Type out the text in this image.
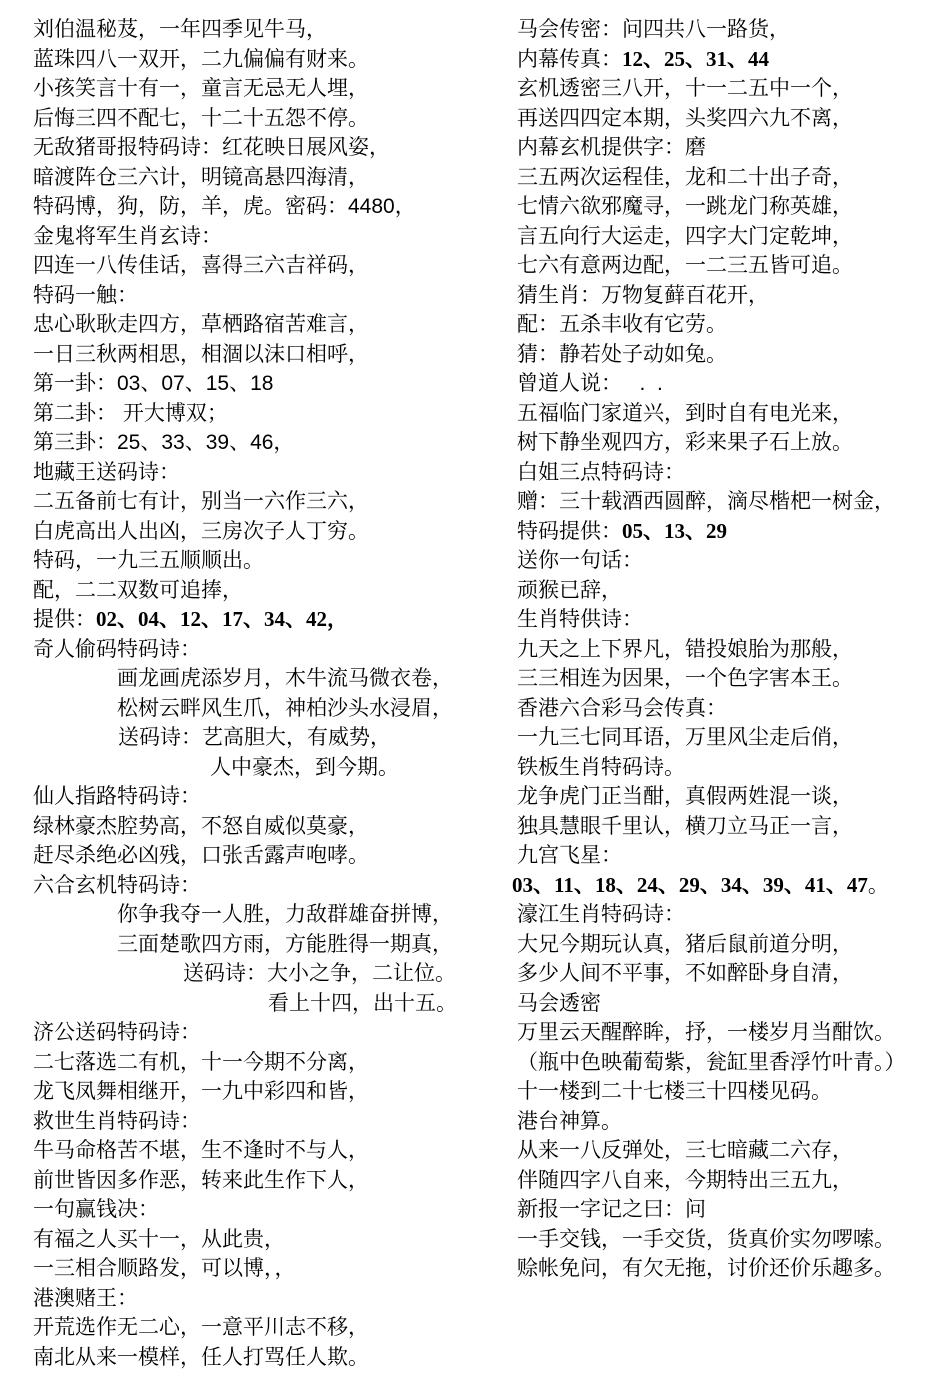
刘伯温秘芨，一年四季见牛马，
蓝珠四八一双开，二九偏偏有财来。
小孩笑言十有一，童言无忌无人埋，
后悔三四不配七，十二十五怨不停。
无敌猪哥报特码诗：红花映日展风姿，
暗渡阵仓三六计，明镜高悬四海清，
特码博，狗，防，羊，虎。密码：4480，
金鬼将军生肖玄诗：
四连一八传佳话，喜得三六吉祥码，
特码一触：
忠心耿耿走四方，草栖路宿苦难言，
一日三秋两相思，相涸以沫口相呼，
第一卦：03、07、15、18
第二卦： 开大博双；
第三卦：25、33、39、46，
地藏王送码诗：
二五备前七有计，别当一六作三六，
白虎高出人出凶，三房次子人丁穷。
特码，一九三五顺顺出。
配，二二双数可追捧，
提供：02、04、12、17、34、42，
奇人偷码特码诗：
画龙画虎添岁月，木牛流马微衣卷，
松树云畔风生爪，神柏沙头水浸眉，
送码诗：艺高胆大，有威势，
人中豪杰，到今期。
仙人指路特码诗：
绿林豪杰腔势高，不怒自威似莫豪，
赶尽杀绝必凶残，口张舌露声咆哮。
六合玄机特码诗：
你争我夺一人胜，力敌群雄奋拼博，
三面楚歌四方雨，方能胜得一期真，
送码诗：大小之争，二让位。
看上十四，出十五。
济公送码特码诗：
二七落选二有机，十一今期不分离，
龙飞凤舞相继开，一九中彩四和皆，
救世生肖特码诗：
牛马命格苦不堪，生不逢时不与人，
前世皆因多作恶，转来此生作下人，
一句赢钱决：
有福之人买十一，从此贵，
一三相合顺路发，可以博，，
港澳赌王：
开荒选作无二心，一意平川志不移，
南北从来一模样，任人打骂任人欺。
马会传密：问四共八一路货，
内幕传真：12、25、31、44
玄机透密三八开，十一二五中一个，
再送四四定本期，头奖四六九不离，
内幕玄机提供字：磨
三五两次运程佳，龙和二十出子奇，
七情六欲邪魔寻，一跳龙门称英雄，
言五向行大运走，四字大门定乾坤，
七六有意两边配，一二三五皆可追。
猜生肖：万物复藓百花开，
配：五杀丰收有它劳。
猜：静若处子动如兔。
曾道人说：   .  .
五福临门家道兴，到时自有电光来，
树下静坐观四方，彩来果子石上放。
白姐三点特码诗：
赠：三十载酒西圆醉，滴尽楷杷一树金，
特码提供：05、13、29
送你一句话：
顽猴已辞，
生肖特供诗：
九天之上下界凡，错投娘胎为那般，
三三相连为因果，一个色字害本王。
香港六合彩马会传真：
一九三七同耳语，万里风尘走后俏，
铁板生肖特码诗。
龙争虎门正当酣，真假两姓混一谈，
独具慧眼千里认，横刀立马正一言，
九宫飞星：
03、11、18、24、29、34、39、41、47。
濠江生肖特码诗：
大兄今期玩认真，猪后鼠前道分明，
多少人间不平事，不如醉卧身自清，
马会透密
万里云天醒醉眸，抒，一楼岁月当酣饮。
（瓶中色映葡萄紫，瓮缸里香浮竹叶青。）
十一楼到二十七楼三十四楼见码。
港台神算。
从来一八反弹处，三七暗藏二六存，
伴随四字八自来，今期特出三五九，
新报一字记之曰：问
一手交钱，一手交货，货真价实勿啰嗦。
赊帐免问，有欠无拖，讨价还价乐趣多。
